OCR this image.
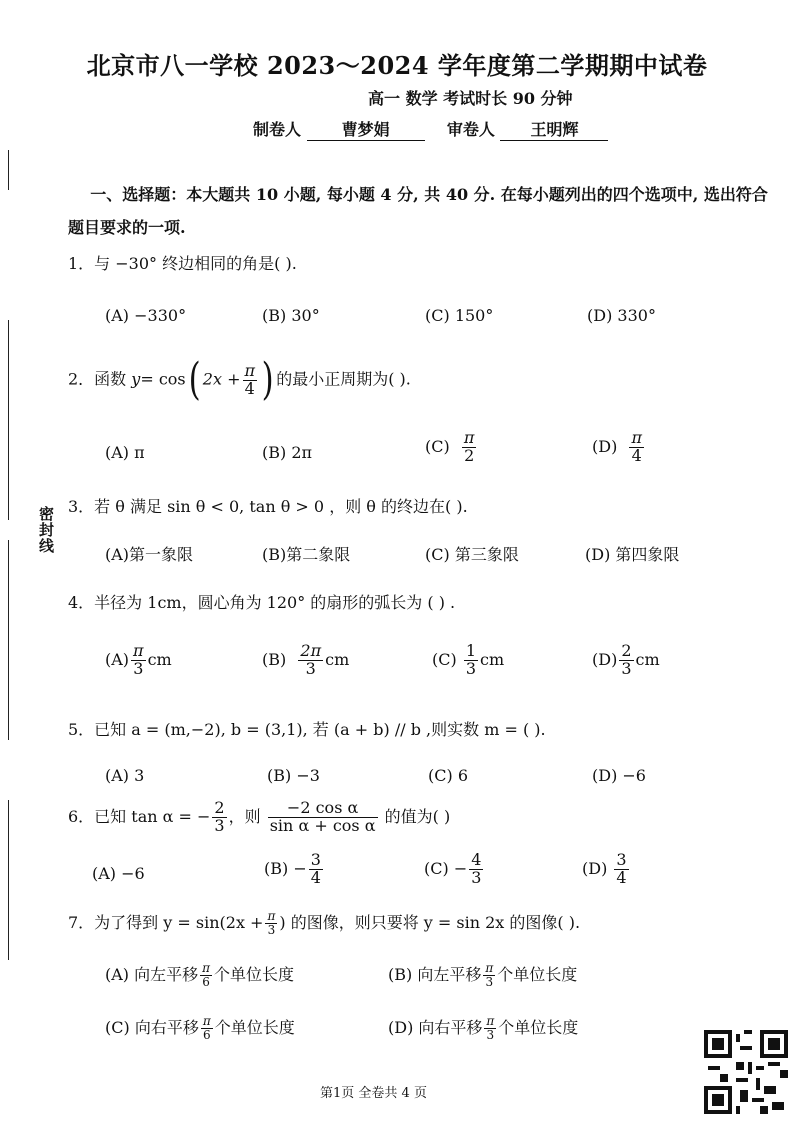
北京市八一学校 2023～2024 学年度第二学期期中试卷
高一 数学 考试时长 90 分钟
制卷人	曹梦娟	审卷人 王明辉
一、选择题：本大题共 10 小题, 每小题 4 分, 共 40 分. 在每小题列出的四个选项中, 选出符合题目要求的一项.
密封线
1．与 −30° 终边相同的角是( ).
(A) −330°	(B) 30°	(C) 150°	(D) 330°
2．函数 y= cos( $2x + \frac{\pi}{4}$ ) 的最小正周期为( ).
(A) π	(B) 2π	$(C) \frac{\pi}{2}$	$(D) \frac{\pi}{4}$
3．若 θ 满足 sin θ < 0, tan θ > 0 ，则 θ 的终边在( ).
(A)第一象限	(B)第二象限	(C) 第三象限	(D) 第四象限
4．半径为 1cm，圆心角为 120° 的扇形的弧长为 ( ) .
$(A) \frac{\pi}{3}$ cm	$(B) \frac{2\pi}{3}$ cm	$(C) \frac{1}{3}$ cm	$(D) \frac{2}{3}$ cm
5．已知 a = (m,−2), b = (3,1), 若 (a + b) // b ,则实数 m = ( ).
(A) 3	(B) −3	(C) 6	(D) −6
6．已知 tan α = − $\frac{2}{3}$ ，则 $\frac{\text{−2 cos α}}{\text{sin α + cos α}}$ 的值为( )
(A) −6	$(B) - \frac{3}{4}$	$(C) - \frac{4}{3}$	$(D) \frac{3}{4}$
7．为了得到 $y = \sin(2x + \frac{\pi}{3}$ ) 的图像，则只要将 y = sin 2x 的图像( ).
(A) 向左平移 $\frac{\pi}{6}$ 个单位长度	(B) 向左平移 $\frac{\pi}{3}$ 个单位长度
(C) 向右平移 $\frac{\pi}{6}$ 个单位长度	(D) 向右平移 $\frac{\pi}{3}$ 个单位长度
第1页 全卷共 4 页
